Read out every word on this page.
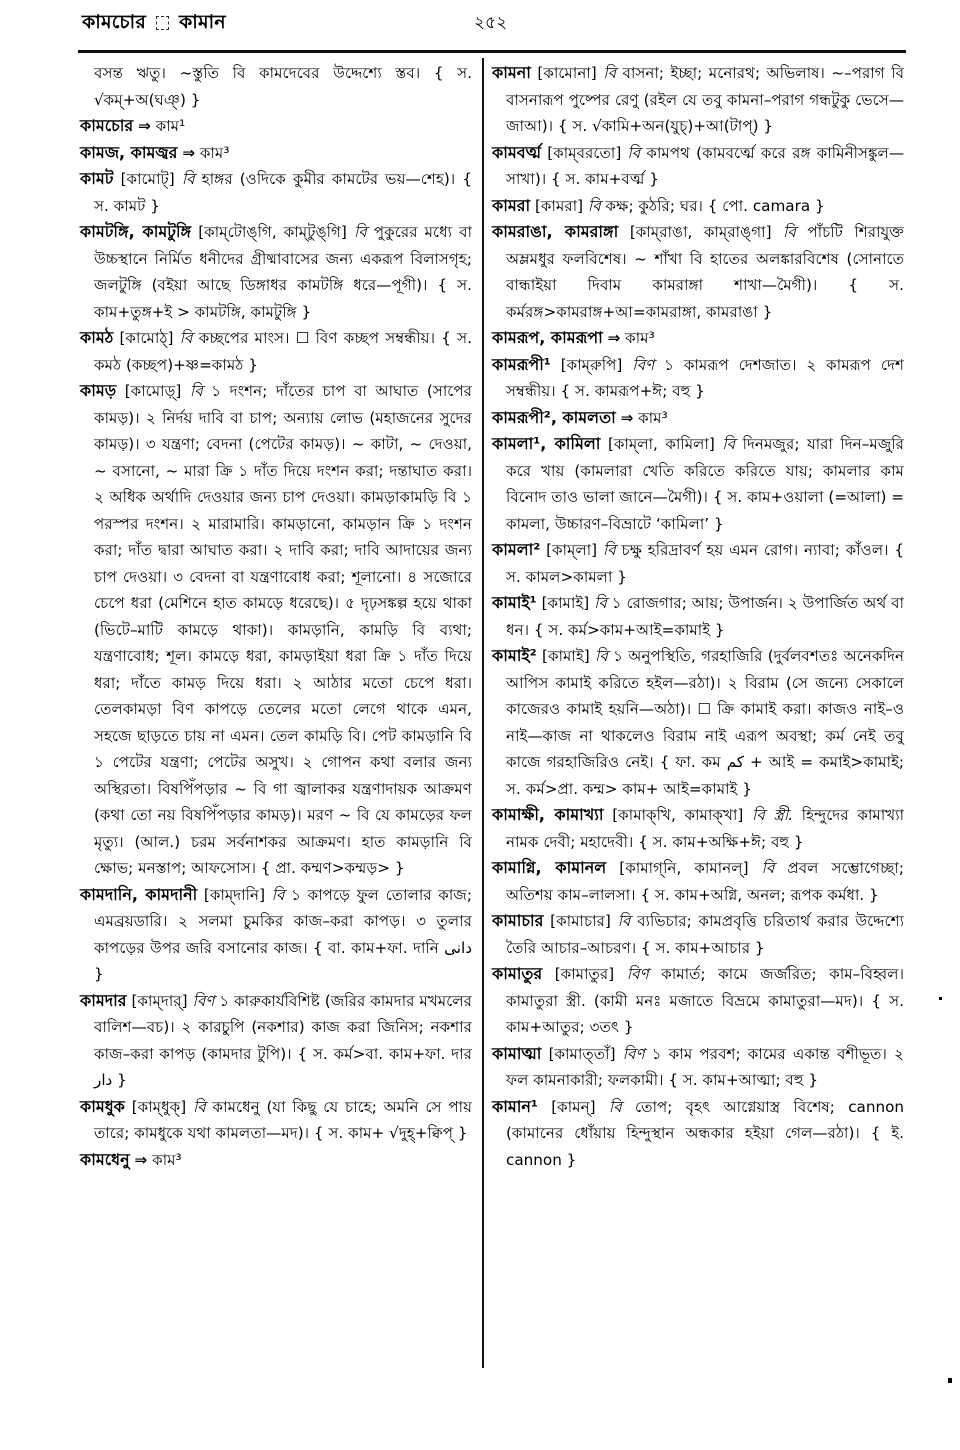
কামচোর কামান	২৫২

বসন্ত ঋতু। ~স্তুতি বি কামদেবের উদ্দেশ্যে স্তব। { স. √কম্‌+অ(ঘঞ্‌) }

কামচোর ⇒ কাম¹

কামজ, কামজ্বর ⇒ কাম³

কামট [কামোট্] বি হাঙ্গর (ওদিকে কুমীর কামটের ভয়—শেহ)। { স. কামট }

কামটঙ্গি, কামটুঙ্গি [কাম্‌টোঙ্‌গি, কাম্‌টুঙ্‌গি] বি পুকুরের মধ্যে বা উচ্চস্থানে নির্মিত ধনীদের গ্রীষ্মাবাসের জন্য একরূপ বিলাসগৃহ; জলটুঙ্গি (বইয়া আছে ডিঙ্গাধর কামটঙ্গি ধরে—পূগী)। { স. কাম+তুঙ্গ+ই > কামটঙ্গি, কামটুঙ্গি }

কামঠ [কামোঠ্] বি কচ্ছপের মাংস। ☐ বিণ কচ্ছপ সম্বন্ধীয়। { স. কমঠ (কচ্ছপ)+ষ্ণ=কামঠ }

কামড় [কামোড়্] বি ১ দংশন; দাঁতের চাপ বা আঘাত (সাপের কামড়)। ২ নির্দয় দাবি বা চাপ; অন্যায় লোভ (মহাজনের সুদের কামড়)। ৩ যন্ত্রণা; বেদনা (পেটের কামড়)। ~ কাটা, ~ দেওয়া, ~ বসানো, ~ মারা ক্রি ১ দাঁত দিয়ে দংশন করা; দন্তাঘাত করা। ২ অধিক অর্থাদি দেওয়ার জন্য চাপ দেওয়া। কামড়াকামড়ি বি ১ পরস্পর দংশন। ২ মারামারি। কামড়ানো, কামড়ান ক্রি ১ দংশন করা; দাঁত দ্বারা আঘাত করা। ২ দাবি করা; দাবি আদায়ের জন্য চাপ দেওয়া। ৩ বেদনা বা যন্ত্রণাবোধ করা; শূলানো। ৪ সজোরে চেপে ধরা (মেশিনে হাত কামড়ে ধরেছে)। ৫ দৃঢ়সঙ্কল্প হয়ে থাকা (ভিটে–মাটি কামড়ে থাকা)। কামড়ানি, কামড়ি বি ব্যথা; যন্ত্রণাবোধ; শূল। কামড়ে ধরা, কামড়াইয়া ধরা ক্রি ১ দাঁত দিয়ে ধরা; দাঁতে কামড় দিয়ে ধরা। ২ আঠার মতো চেপে ধরা। তেলকামড়া বিণ কাপড়ে তেলের মতো লেগে থাকে এমন, সহজে ছাড়তে চায় না এমন। তেল কামড়ি বি। পেট কামড়ানি বি ১ পেটের যন্ত্রণা; পেটের অসুখ। ২ গোপন কথা বলার জন্য অস্থিরতা। বিষপিঁপড়ার ~ বি গা জ্বালাকর যন্ত্রণাদায়ক আক্রমণ (কথা তো নয় বিষপিঁপড়ার কামড়)। মরণ ~ বি যে কামড়ের ফল মৃত্যু। (আল.) চরম সর্বনাশকর আক্রমণ। হাত কামড়ানি বি ক্ষোভ; মনস্তাপ; আফসোস। { প্রা. কম্মণ>কম্মড়> }

কামদানি, কামদানী [কাম্‌দানি] বি ১ কাপড়ে ফুল তোলার কাজ; এমব্রয়ডারি। ২ সলমা চুমকির কাজ–করা কাপড়। ৩ তুলার কাপড়ের উপর জরি বসানোর কাজ। { বা. কাম+ফা. দানি دانی }

কামদার [কাম্‌দার্] বিণ ১ কারুকার্যবিশিষ্ট (জরির কামদার মখমলের বালিশ—বচ)। ২ কারচুপি (নকশার) কাজ করা জিনিস; নকশার কাজ–করা কাপড় (কামদার টুপি)। { স. কর্ম>বা. কাম+ফা. দার دار }

কামধুক [কাম্‌ধুক্] বি কামধেনু (যা কিছু যে চাহে; অমনি সে পায় তারে; কামধুকে যথা কামলতা—মদ)। { স. কাম+ √দুহ্‌+ক্বিপ্‌ }

কামধেনু ⇒ কাম³

কামনা [কামোনা] বি বাসনা; ইচ্ছা; মনোরথ; অভিলাষ। ~–পরাগ বি বাসনারূপ পুষ্পের রেণু (রইল যে তবু কামনা–পরাগ গন্ধটুকু ভেসে—জাআ)। { স. √কামি+অন(যুচ্‌)+আ(টাপ্‌) }

কামবর্ত্ম [কাম্‌বরতো] বি কামপথ (কামবর্ত্মে করে রঙ্গ কামিনীসঙ্কুল—সাখা)। { স. কাম+বর্ত্ম }

কামরা [কামরা] বি কক্ষ; কুঠরি; ঘর। { পো. camara }

কামরাঙা, কামরাঙ্গা [কাম্‌রাঙা, কাম্‌রাঙ্‌গা] বি পাঁচটি শিরাযুক্ত অম্লমধুর ফলবিশেষ। ~ শাঁখা বি হাতের অলঙ্কারবিশেষ (সোনাতে বান্ধাইয়া দিবাম কামরাঙ্গা শাখা—মৈগী)। { স. কর্মরঙ্গ>কামরাঙ্গ+আ=কামরাঙ্গা, কামরাঙা }

কামরূপ, কামরূপা ⇒ কাম³

কামরূপী¹ [কাম্‌রুপি] বিণ ১ কামরূপ দেশজাত। ২ কামরূপ দেশ সম্বন্ধীয়। { স. কামরূপ+ঈ; বহু }

কামরূপী², কামলতা ⇒ কাম³

কামলা¹, কামিলা [কাম্‌লা, কামিলা] বি দিনমজুর; যারা দিন–মজুরি করে খায় (কামলারা খেতি করিতে করিতে যায়; কামলার কাম বিনোদ তাও ভালা জানে—মৈগী)। { স. কাম+ওয়ালা (=আলা) = কামলা, উচ্চারণ–বিভ্রাটে ‘কামিলা’ }

কামলা² [কাম্‌লা] বি চক্ষু হরিদ্রাবর্ণ হয় এমন রোগ। ন্যাবা; কাঁওল। { স. কামল>কামলা }

কামাই¹ [কামাই] বি ১ রোজগার; আয়; উপার্জন। ২ উপার্জিত অর্থ বা ধন। { স. কর্ম>কাম+আই=কামাই }

কামাই² [কামাই] বি ১ অনুপস্থিতি, গরহাজিরি (দুর্বলবশতঃ অনেকদিন আপিস কামাই করিতে হইল—রঠা)। ২ বিরাম (সে জন্যে সেকালে কাজেরও কামাই হয়নি—অঠা)। ☐ ক্রি কামাই করা। কাজও নাই–ও নাই—কাজ না থাকলেও বিরাম নাই এরূপ অবস্থা; কর্ম নেই তবু কাজে গরহাজিরিও নেই। { ফা. কম کم + আই = কমাই>কামাই; স. কর্ম>প্রা. কম্ম> কাম+ আই=কামাই }

কামাক্ষী, কামাখ্যা [কামাক্‌খি, কামাক্‌খা] বি স্ত্রী. হিন্দুদের কামাখ্যা নামক দেবী; মহাদেবী। { স. কাম+অক্ষি+ঈ; বহু }

কামাগ্নি, কামানল [কামাগ্‌নি, কামানল্] বি প্রবল সম্ভোগেচ্ছা; অতিশয় কাম–লালসা। { স. কাম+অগ্নি, অনল; রূপক কর্মধা. }

কামাচার [কামাচার] বি ব্যভিচার; কামপ্রবৃত্তি চরিতার্থ করার উদ্দেশ্যে তৈরি আচার–আচরণ। { স. কাম+আচার }

কামাতুর [কামাতুর] বিণ কামার্ত; কামে জর্জরিত; কাম–বিহ্বল। কামাতুরা স্ত্রী. (কামী মনঃ মজাতে বিভ্রমে কামাতুরা—মদ)। { স. কাম+আতুর; ৩তৎ }

কামাত্মা [কামাত্‌তাঁ] বিণ ১ কাম পরবশ; কামের একান্ত বশীভূত। ২ ফল কামনাকারী; ফলকামী। { স. কাম+আত্মা; বহু }

কামান¹ [কামন্] বি তোপ; বৃহৎ আগ্নেয়াস্ত্র বিশেষ; cannon (কামানের ধোঁয়ায় হিন্দুস্থান অন্ধকার হইয়া গেল—রঠা)। { ই. cannon }
